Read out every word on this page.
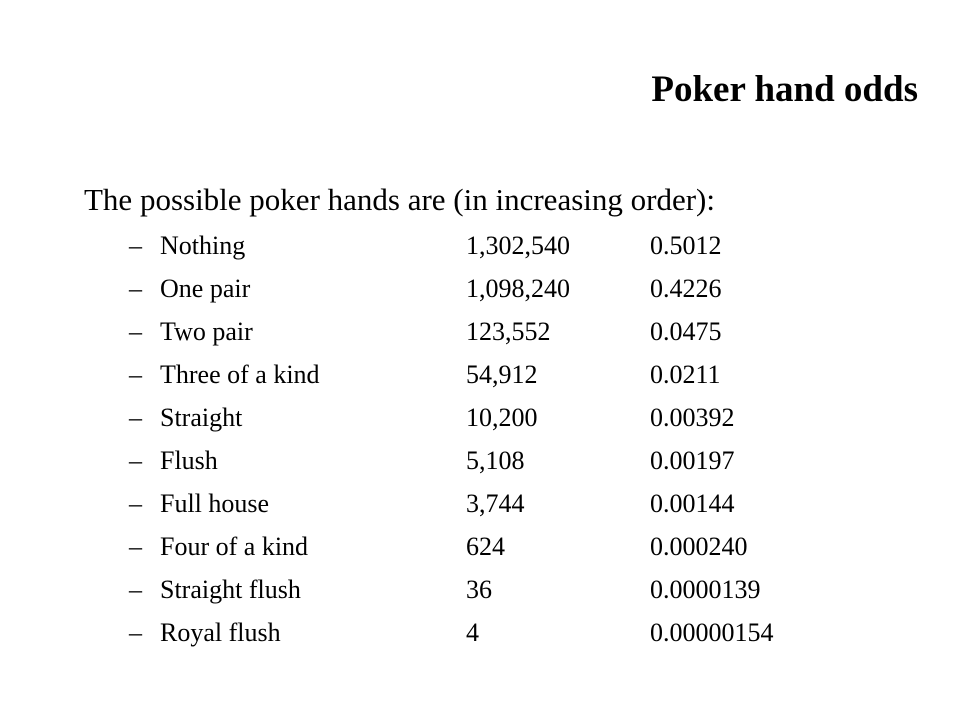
Poker hand odds
The possible poker hands are (in increasing order):
– Nothing	1,302,540	0.5012
– One pair	1,098,240	0.4226
– Two pair	123,552	0.0475
– Three of a kind	54,912	0.0211
– Straight	10,200	0.00392
– Flush	5,108	0.00197
– Full house	3,744	0.00144
– Four of a kind	624	0.000240
– Straight flush	36	0.0000139
– Royal flush	4	0.00000154
